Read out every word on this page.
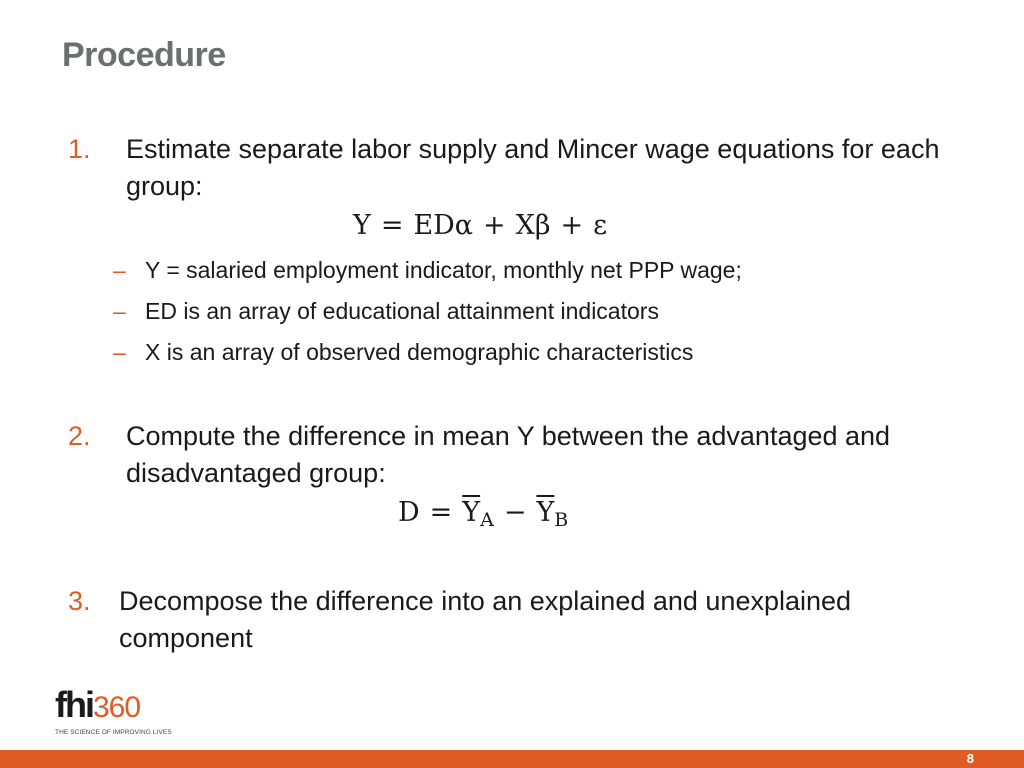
Procedure
1. Estimate separate labor supply and Mincer wage equations for each group:
Y = EDα + Xβ + ε
– Y = salaried employment indicator, monthly net PPP wage;
– ED is an array of educational attainment indicators
– X is an array of observed demographic characteristics
2. Compute the difference in mean Y between the advantaged and disadvantaged group:
$D = \overline{Y}_A - \overline{Y}_B$
3. Decompose the difference into an explained and unexplained component
fhi360
THE SCIENCE OF IMPROVING LIVES
8
